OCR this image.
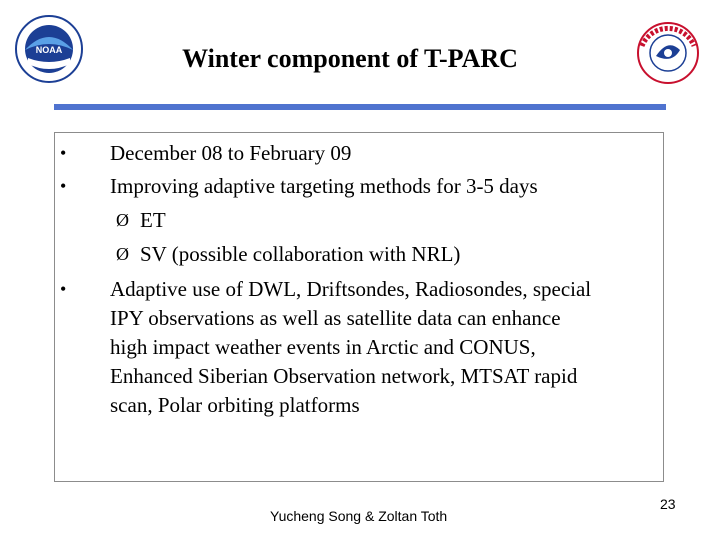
NOAA	Winter component of T-PARC
• December 08 to February 09
• Improving adaptive targeting methods for 3-5 days
Ø ET
Ø SV (possible collaboration with NRL)
• Adaptive use of DWL, Driftsondes, Radiosondes, special
IPY observations as well as satellite data can enhance
high impact weather events in Arctic and CONUS,
Enhanced Siberian Observation network, MTSAT rapid
scan, Polar orbiting platforms
Yucheng Song & Zoltan Toth
23
